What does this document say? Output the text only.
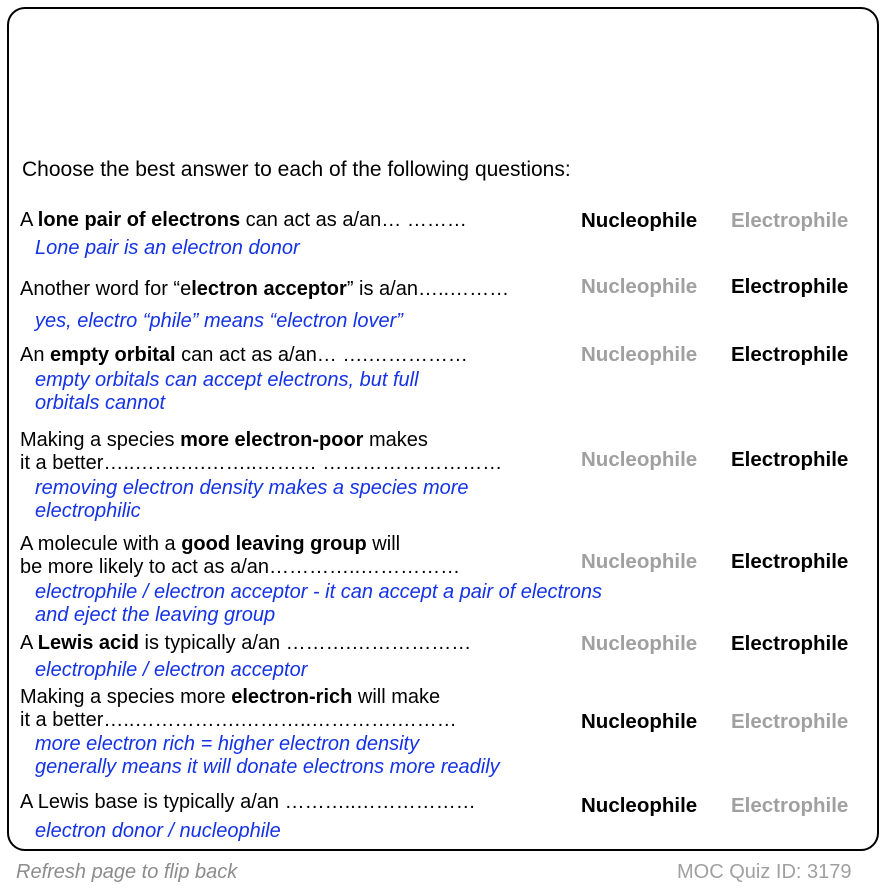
Choose the best answer to each of the following questions:
A lone pair of electrons can act as a/an… ………
Lone pair is an electron donor
Nucleophile Electrophile
Another word for “electron acceptor” is a/an…..………
yes, electro “phile” means “electron lover”
Nucleophile Electrophile
An empty orbital can act as a/an… ….……………
empty orbitals can accept electrons, but full
orbitals cannot
Nucleophile Electrophile
Making a species more electron-poor makes
it a better…..…….….……..……… ………………………
removing electron density makes a species more
electrophilic
Nucleophile Electrophile
A molecule with a good leaving group will
be more likely to act as a/an…………..……………
electrophile / electron acceptor - it can accept a pair of electrons
and eject the leaving group
Nucleophile Electrophile
A Lewis acid is typically a/an ……….………………
electrophile / electron acceptor
Nucleophile Electrophile
Making a species more electron-rich will make
it a better…..…………….………..………….………
more electron rich = higher electron density
generally means it will donate electrons more readily
Nucleophile Electrophile
A Lewis base is typically a/an ………..………………
electron donor / nucleophile
Nucleophile Electrophile
Refresh page to flip back	MOC Quiz ID: 3179
